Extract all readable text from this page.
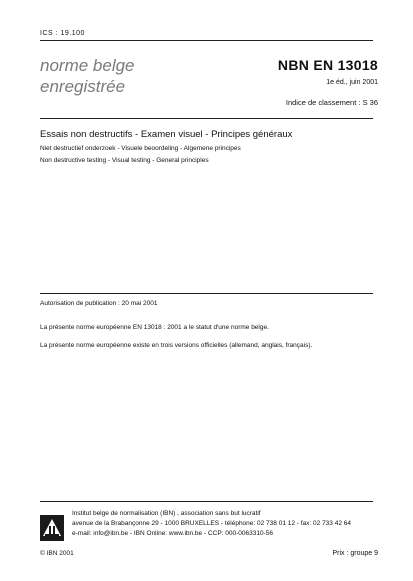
ICS : 19.100
norme belge
enregistrée
NBN EN 13018
1e éd., juin 2001
Indice de classement : S 36
Essais non destructifs - Examen visuel - Principes généraux
Niet destructief onderzoek - Visuele beoordeling - Algemene principes
Non destructive testing - Visual testing - General principles
Autorisation de publication : 20 mai 2001
La présente norme européenne EN 13018 : 2001 a le statut d'une norme belge.
La présente norme européenne existe en trois versions officielles (allemand, anglais, français).
Institut belge de normalisation (IBN) , association sans but lucratif
avenue de la Brabançonne 29 - 1000 BRUXELLES - téléphone: 02 738 01 12 - fax: 02 733 42 64
e-mail: info@ibn.be - IBN Online: www.ibn.be - CCP: 000-0063310-56
© IBN 2001	Prix : groupe 9
